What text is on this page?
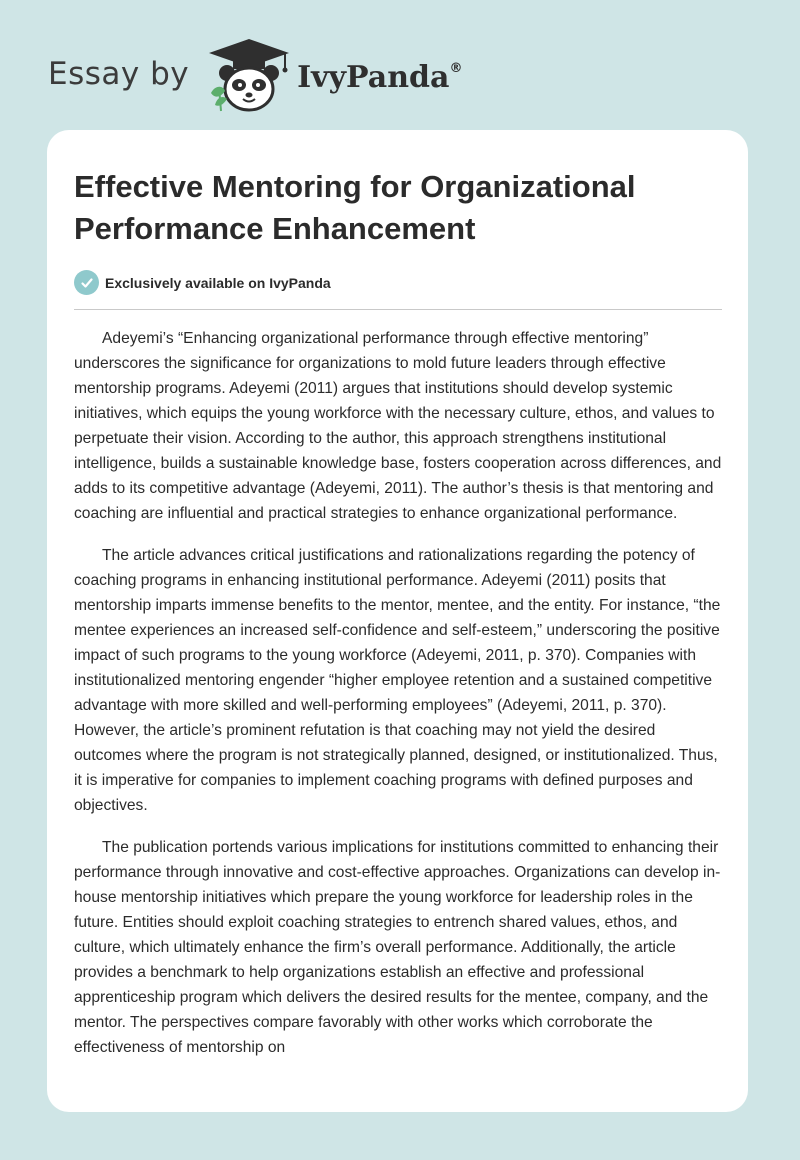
Essay by	IvyPanda®
Effective Mentoring for Organizational Performance Enhancement
Exclusively available on IvyPanda

Adeyemi’s “Enhancing organizational performance through effective mentoring” underscores the significance for organizations to mold future leaders through effective mentorship programs. Adeyemi (2011) argues that institutions should develop systemic initiatives, which equips the young workforce with the necessary culture, ethos, and values to perpetuate their vision. According to the author, this approach strengthens institutional intelligence, builds a sustainable knowledge base, fosters cooperation across differences, and adds to its competitive advantage (Adeyemi, 2011). The author’s thesis is that mentoring and coaching are influential and practical strategies to enhance organizational performance.

The article advances critical justifications and rationalizations regarding the potency of coaching programs in enhancing institutional performance. Adeyemi (2011) posits that mentorship imparts immense benefits to the mentor, mentee, and the entity. For instance, “the mentee experiences an increased self-confidence and self-esteem,” underscoring the positive impact of such programs to the young workforce (Adeyemi, 2011, p. 370). Companies with institutionalized mentoring engender “higher employee retention and a sustained competitive advantage with more skilled and well-performing employees” (Adeyemi, 2011, p. 370). However, the article’s prominent refutation is that coaching may not yield the desired outcomes where the program is not strategically planned, designed, or institutionalized. Thus, it is imperative for companies to implement coaching programs with defined purposes and objectives.

The publication portends various implications for institutions committed to enhancing their performance through innovative and cost-effective approaches. Organizations can develop in-house mentorship initiatives which prepare the young workforce for leadership roles in the future. Entities should exploit coaching strategies to entrench shared values, ethos, and culture, which ultimately enhance the firm’s overall performance. Additionally, the article provides a benchmark to help organizations establish an effective and professional apprenticeship program which delivers the desired results for the mentee, company, and the mentor. The perspectives compare favorably with other works which corroborate the effectiveness of mentorship on
